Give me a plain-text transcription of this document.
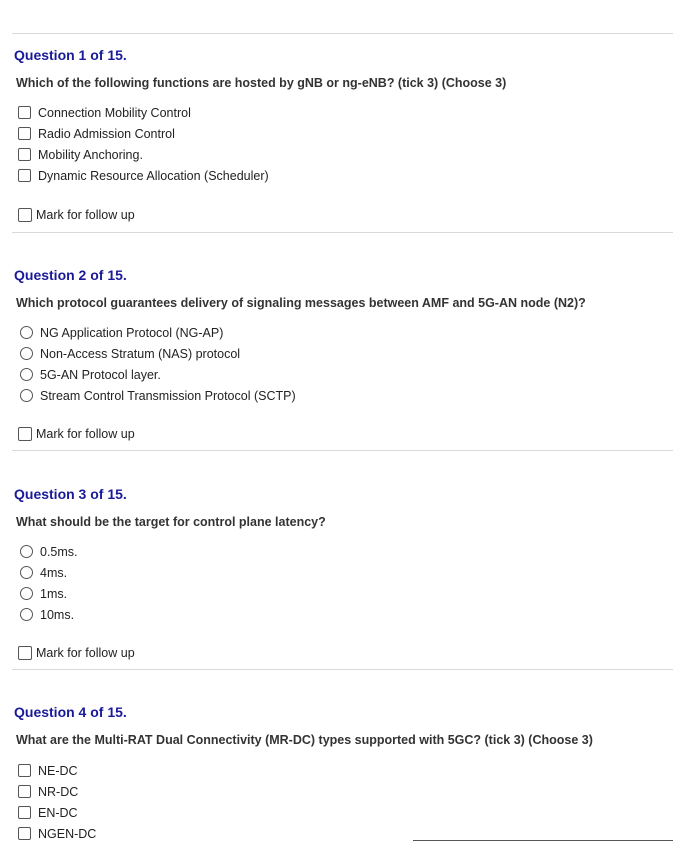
Question 1 of 15.

Which of the following functions are hosted by gNB or ng-eNB? (tick 3) (Choose 3)

Connection Mobility Control
Radio Admission Control
Mobility Anchoring.
Dynamic Resource Allocation (Scheduler)
Mark for follow up
Question 2 of 15.

Which protocol guarantees delivery of signaling messages between AMF and 5G-AN node (N2)?

NG Application Protocol (NG-AP)
Non-Access Stratum (NAS) protocol
5G-AN Protocol layer.
Stream Control Transmission Protocol (SCTP)
Mark for follow up
Question 3 of 15.

What should be the target for control plane latency?

0.5ms.
4ms.
1ms.
10ms.
Mark for follow up
Question 4 of 15.

What are the Multi-RAT Dual Connectivity (MR-DC) types supported with 5GC? (tick 3) (Choose 3)

NE-DC
NR-DC
EN-DC
NGEN-DC
